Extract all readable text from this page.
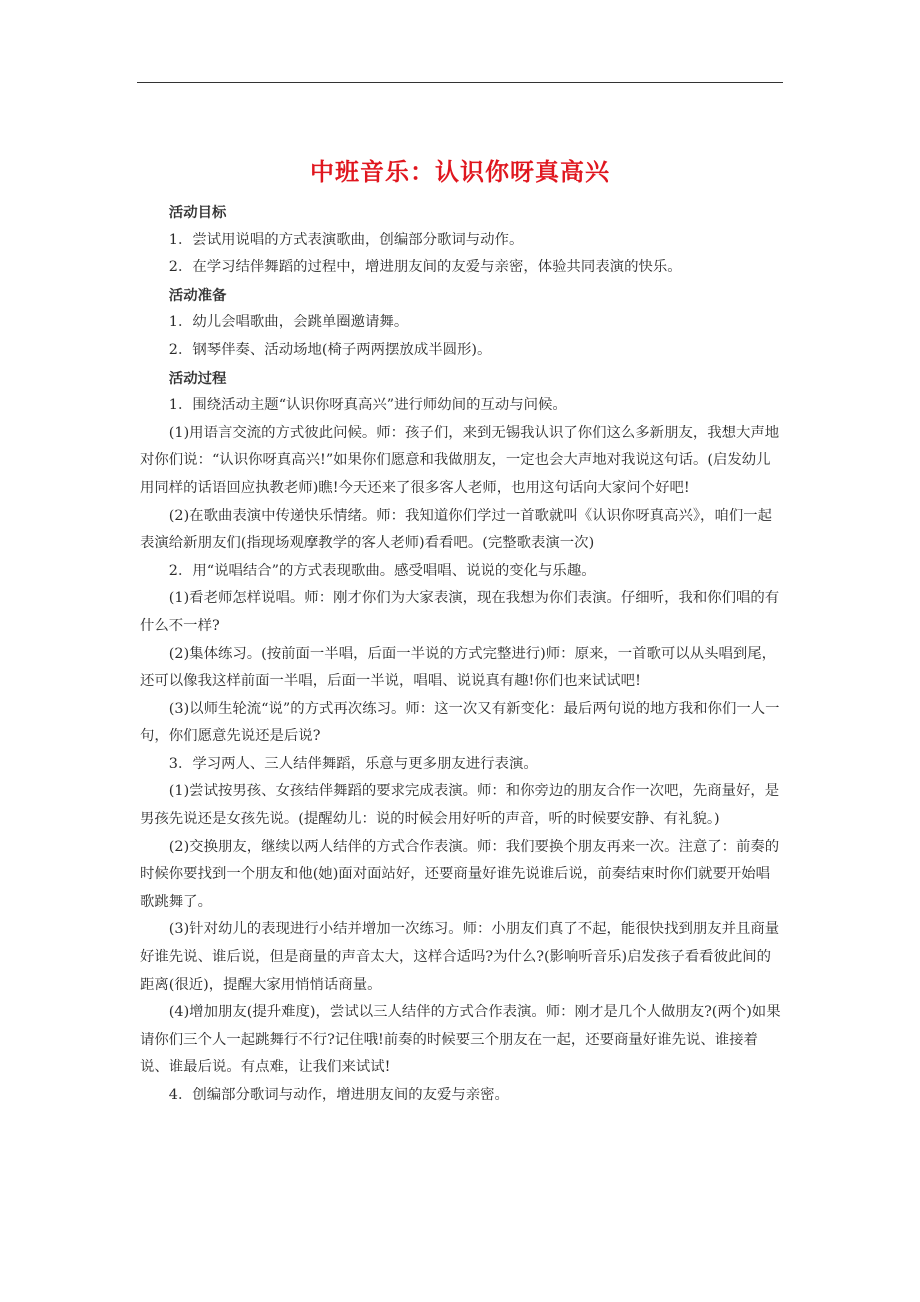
中班音乐：认识你呀真高兴
活动目标

1．尝试用说唱的方式表演歌曲，创编部分歌词与动作。

2．在学习结伴舞蹈的过程中，增进朋友间的友爱与亲密，体验共同表演的快乐。

活动准备

1．幼儿会唱歌曲，会跳单圈邀请舞。

2．钢琴伴奏、活动场地(椅子两两摆放成半圆形)。

活动过程

1．围绕活动主题“认识你呀真高兴”进行师幼间的互动与问候。

(1)用语言交流的方式彼此问候。师：孩子们，来到无锡我认识了你们这么多新朋友，我想大声地对你们说：“认识你呀真高兴!”如果你们愿意和我做朋友，一定也会大声地对我说这句话。(启发幼儿用同样的话语回应执教老师)瞧!今天还来了很多客人老师，也用这句话向大家问个好吧!

(2)在歌曲表演中传递快乐情绪。师：我知道你们学过一首歌就叫《认识你呀真高兴》，咱们一起表演给新朋友们(指现场观摩教学的客人老师)看看吧。(完整歌表演一次)

2．用“说唱结合”的方式表现歌曲。感受唱唱、说说的变化与乐趣。

(1)看老师怎样说唱。师：刚才你们为大家表演，现在我想为你们表演。仔细听，我和你们唱的有什么不一样?

(2)集体练习。(按前面一半唱，后面一半说的方式完整进行)师：原来，一首歌可以从头唱到尾，还可以像我这样前面一半唱，后面一半说，唱唱、说说真有趣!你们也来试试吧!

(3)以师生轮流“说”的方式再次练习。师：这一次又有新变化：最后两句说的地方我和你们一人一句，你们愿意先说还是后说?

3．学习两人、三人结伴舞蹈，乐意与更多朋友进行表演。

(1)尝试按男孩、女孩结伴舞蹈的要求完成表演。师：和你旁边的朋友合作一次吧，先商量好，是男孩先说还是女孩先说。(提醒幼儿：说的时候会用好听的声音，听的时候要安静、有礼貌。)

(2)交换朋友，继续以两人结伴的方式合作表演。师：我们要换个朋友再来一次。注意了：前奏的时候你要找到一个朋友和他(她)面对面站好，还要商量好谁先说谁后说，前奏结束时你们就要开始唱歌跳舞了。

(3)针对幼儿的表现进行小结并增加一次练习。师：小朋友们真了不起，能很快找到朋友并且商量好谁先说、谁后说，但是商量的声音太大，这样合适吗?为什么?(影响听音乐)启发孩子看看彼此间的距离(很近)，提醒大家用悄悄话商量。

(4)增加朋友(提升难度)，尝试以三人结伴的方式合作表演。师：刚才是几个人做朋友?(两个)如果请你们三个人一起跳舞行不行?记住哦!前奏的时候要三个朋友在一起，还要商量好谁先说、谁接着说、谁最后说。有点难，让我们来试试!

4．创编部分歌词与动作，增进朋友间的友爱与亲密。
